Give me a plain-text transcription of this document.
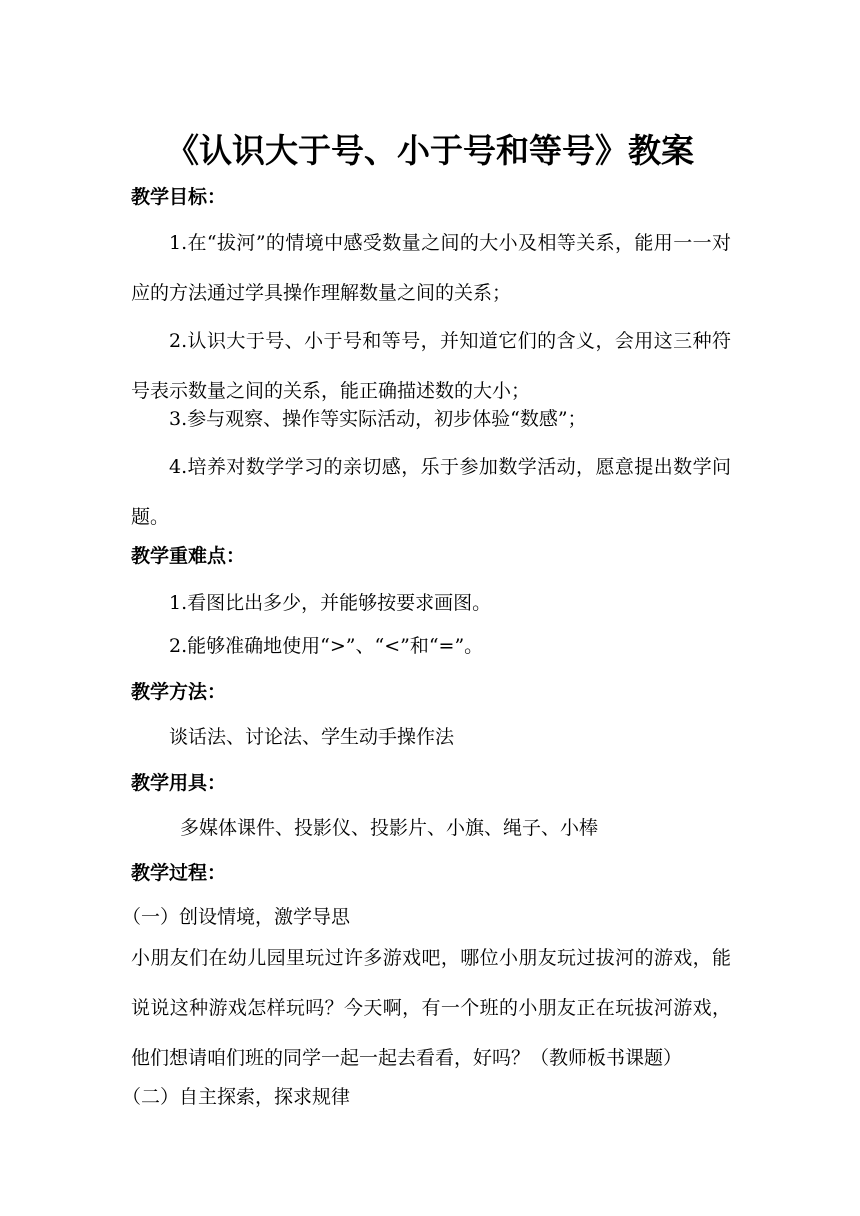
《认识大于号、小于号和等号》教案
教学目标：
1.在“拔河”的情境中感受数量之间的大小及相等关系，能用一一对应的方法通过学具操作理解数量之间的关系；
2.认识大于号、小于号和等号，并知道它们的含义，会用这三种符号表示数量之间的关系，能正确描述数的大小；
3.参与观察、操作等实际活动，初步体验“数感”；
4.培养对数学学习的亲切感，乐于参加数学活动，愿意提出数学问题。
教学重难点：
1.看图比出多少，并能够按要求画图。
2.能够准确地使用“>”、“<”和“=”。
教学方法：
谈话法、讨论法、学生动手操作法
教学用具：
多媒体课件、投影仪、投影片、小旗、绳子、小棒
教学过程：
（一）创设情境，激学导思
小朋友们在幼儿园里玩过许多游戏吧，哪位小朋友玩过拔河的游戏，能说说这种游戏怎样玩吗？今天啊，有一个班的小朋友正在玩拔河游戏，他们想请咱们班的同学一起一起去看看，好吗？（教师板书课题）
（二）自主探索，探求规律
